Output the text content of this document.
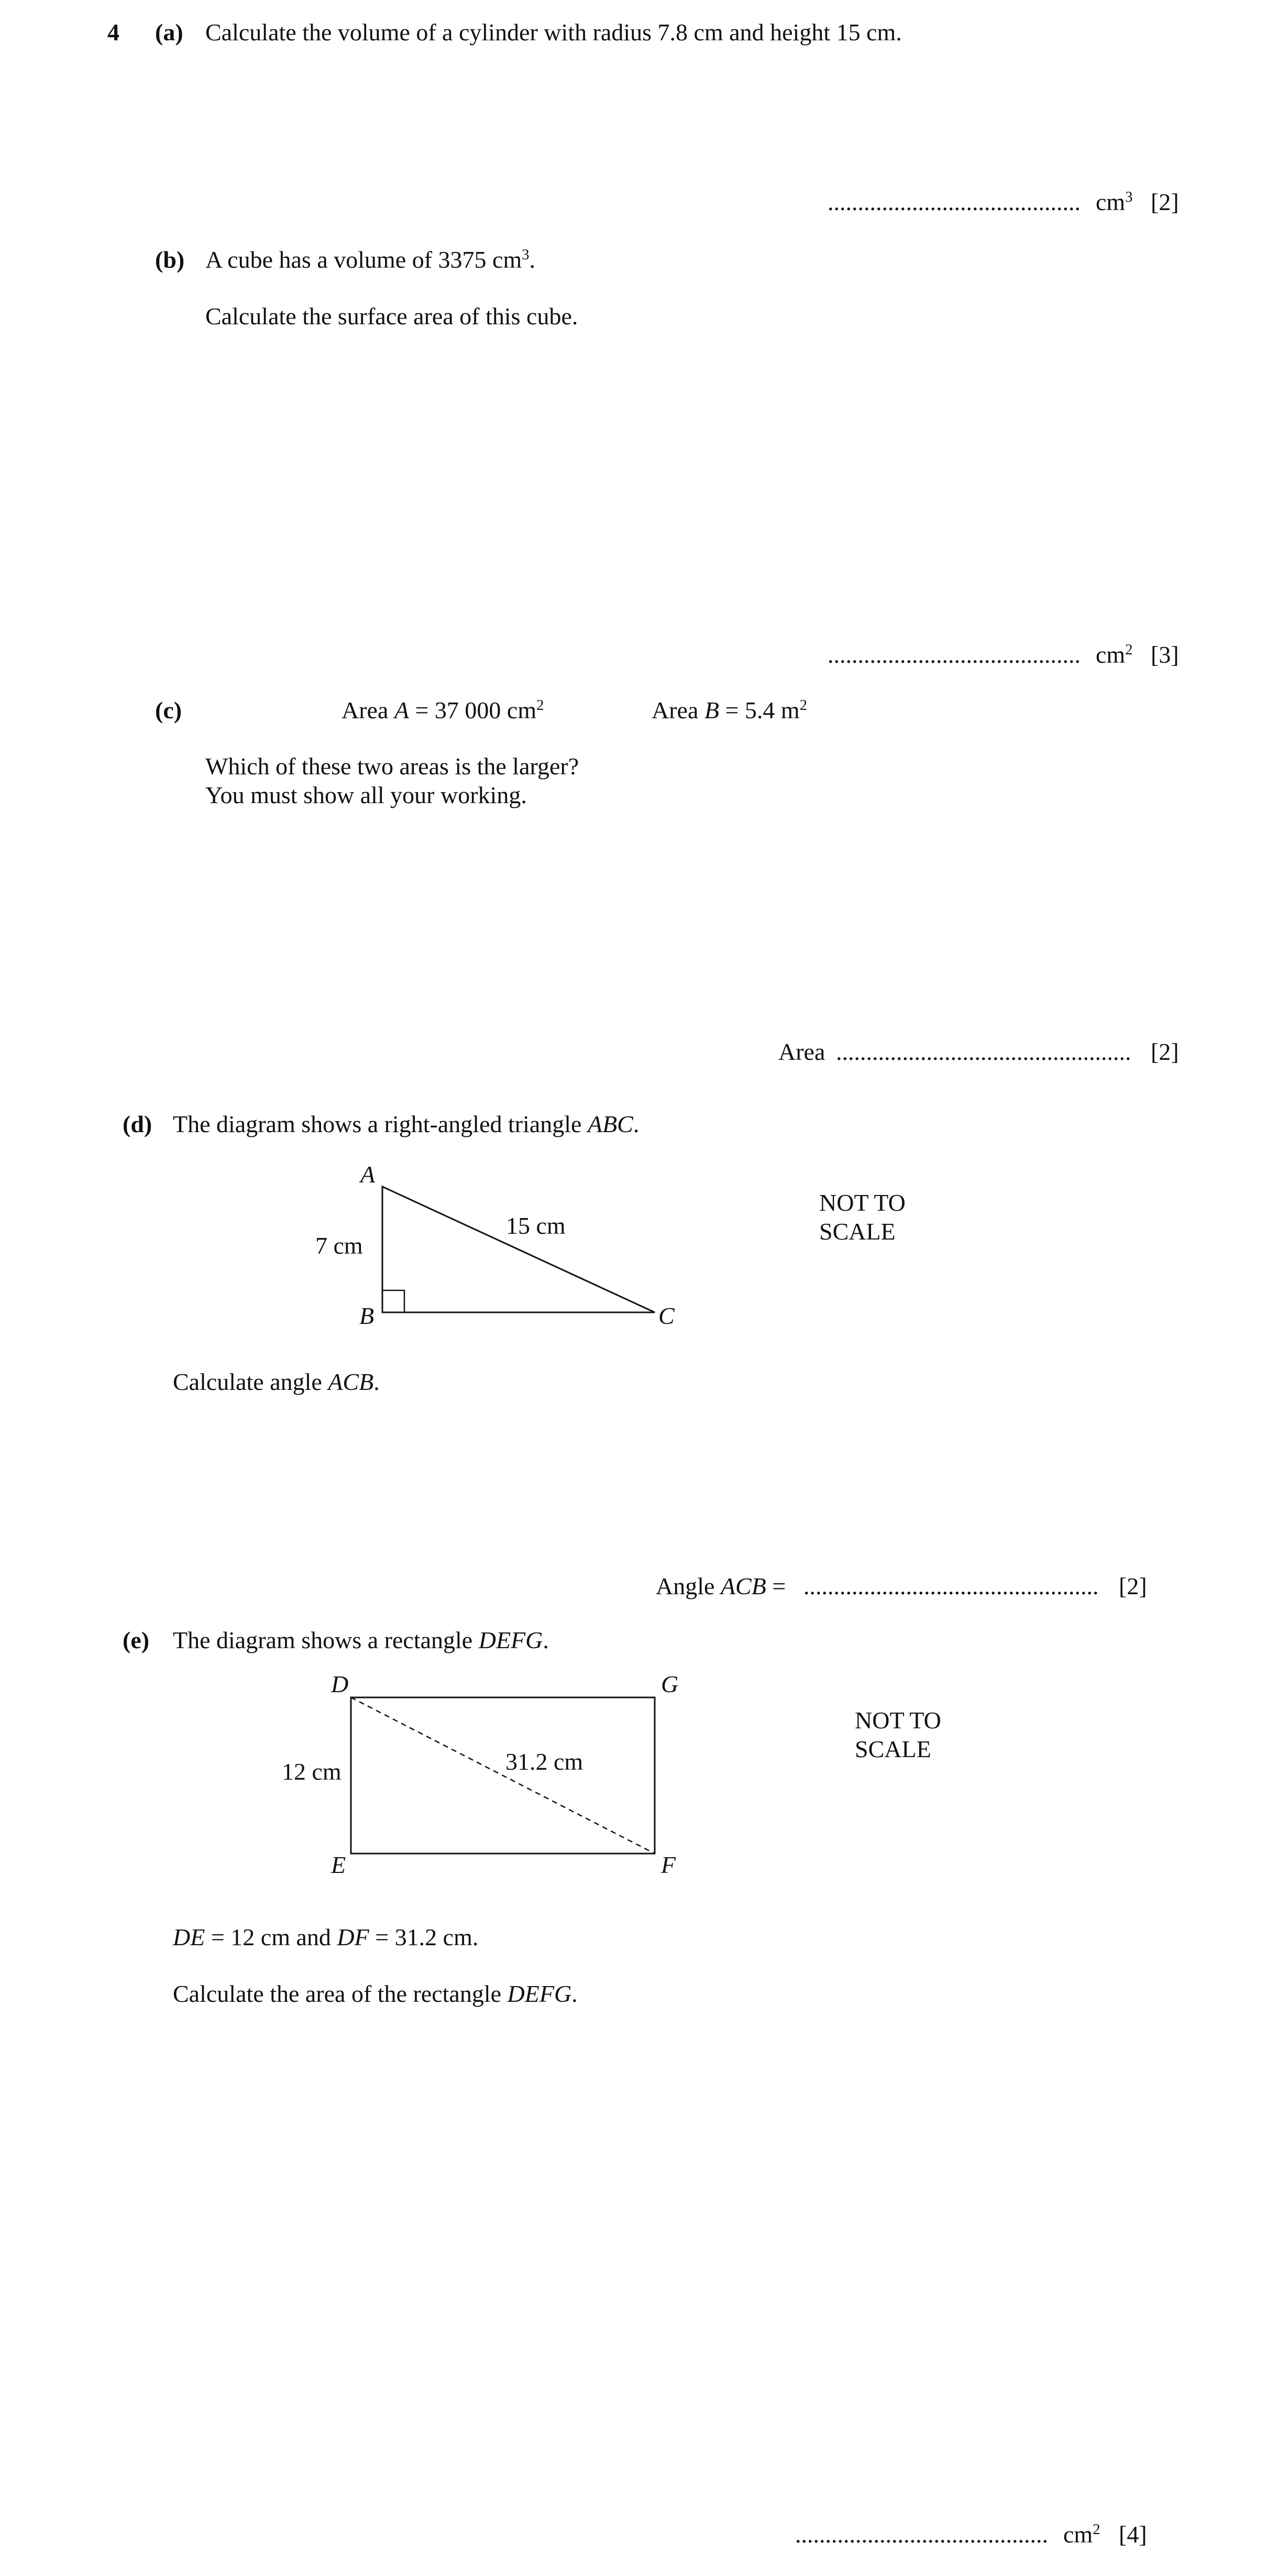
4 (a) Calculate the volume of a cylinder with radius 7.8 cm and height 15 cm.
.......................................... $cm^3$ [2]
(b) A cube has a volume of 3375 $cm^3$.
Calculate the surface area of this cube.
.......................................... $cm^2$ [3]
(c)	Area A = 37 000 $cm^2$	Area B = 5.4 $m^2$
Which of these two areas is the larger?
You must show all your working.
Area ................................................. [2]
(d) The diagram shows a right-angled triangle ABC.
A
B	C
7 cm
15 cm
NOT TO
SCALE
Calculate angle ACB.
Angle ACB = ................................................. [2]
(e) The diagram shows a rectangle DEFG.
D	G
E	F
12 cm	31.2 cm
NOT TO
SCALE
DE = 12 cm and DF = 31.2 cm.
Calculate the area of the rectangle DEFG.
.......................................... $cm^2$ [4]
